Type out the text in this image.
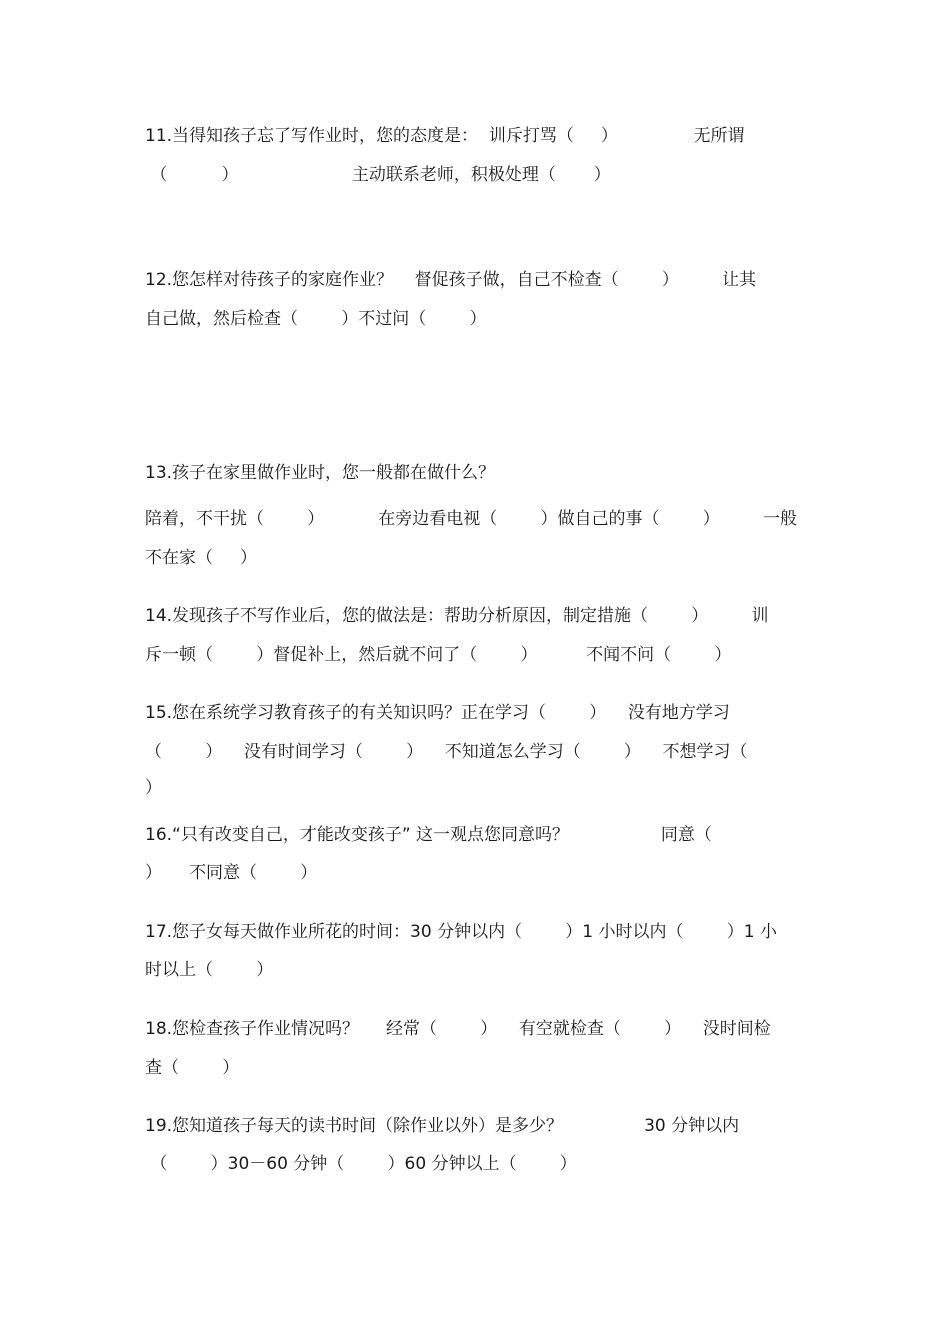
11.当得知孩子忘了写作业时，您的态度是：  训斥打骂（     ）              无所谓
（          ）                     主动联系老师，积极处理（       ）
12.您怎样对待孩子的家庭作业？    督促孩子做，自己不检查（        ）        让其
自己做，然后检查（        ）不过问（        ）
13.孩子在家里做作业时，您一般都在做什么？
陪着，不干扰（        ）          在旁边看电视（        ）做自己的事（        ）        一般
不在家（     ）
14.发现孩子不写作业后，您的做法是：帮助分析原因，制定措施（        ）        训
斥一顿（        ）督促补上，然后就不问了（        ）         不闻不问（        ）
15.您在系统学习教育孩子的有关知识吗？正在学习（        ）    没有地方学习
（        ）    没有时间学习（        ）    不知道怎么学习（        ）    不想学习（
）
16.“只有改变自己，才能改变孩子” 这一观点您同意吗？                 同意（
）     不同意（        ）
17.您子女每天做作业所花的时间：30 分钟以内（        ）1 小时以内（        ）1 小
时以上（        ）
18.您检查孩子作业情况吗？     经常（        ）    有空就检查（        ）    没时间检
查（        ）
19.您知道孩子每天的读书时间（除作业以外）是多少？               30 分钟以内
（        ）30－60 分钟（        ）60 分钟以上（        ）
